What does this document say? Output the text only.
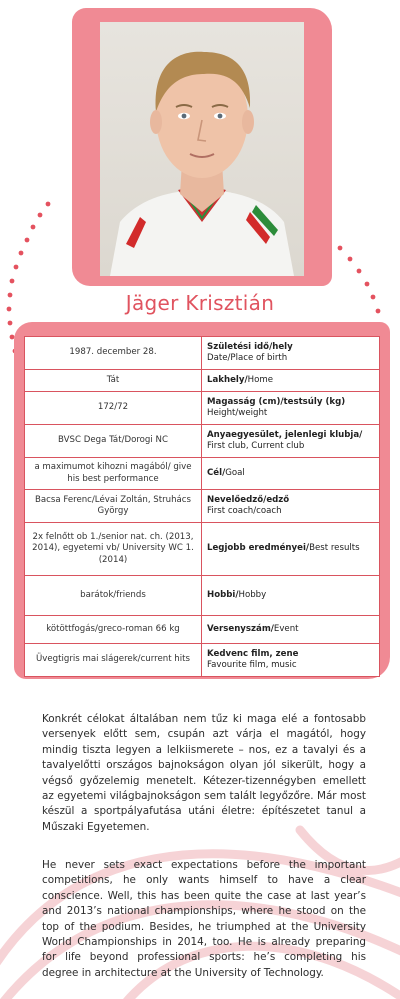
Jäger Krisztián
1987. december 28.	Születési idő/hely
Date/Place of birth
Tát	Lakhely/Home
172/72	Magasság (cm)/testsúly (kg)
Height/weight
BVSC Dega Tát/Dorogi NC	Anyaegyesület, jelenlegi klubja/
First club, Current club
a maximumot kihozni magából/ give his best performance	Cél/Goal
Bacsa Ferenc/Lévai Zoltán, Struhács György	Nevelőedző/edző
First coach/coach
2x felnőtt ob 1./senior nat. ch. (2013, 2014), egyetemi vb/ University WC 1. (2014)	Legjobb eredményei/Best results
barátok/friends	Hobbi/Hobby
kötöttfogás/greco-roman 66 kg	Versenyszám/Event
Üvegtigris mai slágerek/current hits	Kedvenc film, zene
Favourite film, music

Konkrét célokat általában nem tűz ki maga elé a fontosabb versenyek előtt sem, csupán azt várja el magától, hogy mindig tiszta legyen a lelkiismerete – nos, ez a tavalyi és a tavalyelőtti országos bajnokságon olyan jól sikerült, hogy a végső győzelemig menetelt. Kétezer-tizennégyben emellett az egyetemi világbajnokságon sem talált legyőzőre. Már most készül a sportpályafutása utáni életre: építészetet tanul a Műszaki Egyetemen.

He never sets exact expectations before the important competitions, he only wants himself to have a clear conscience. Well, this has been quite the case at last year’s and 2013’s national championships, where he stood on the top of the podium. Besides, he triumphed at the University World Championships in 2014, too. He is already preparing for life beyond professional sports: he’s completing his degree in architecture at the University of Technology.
